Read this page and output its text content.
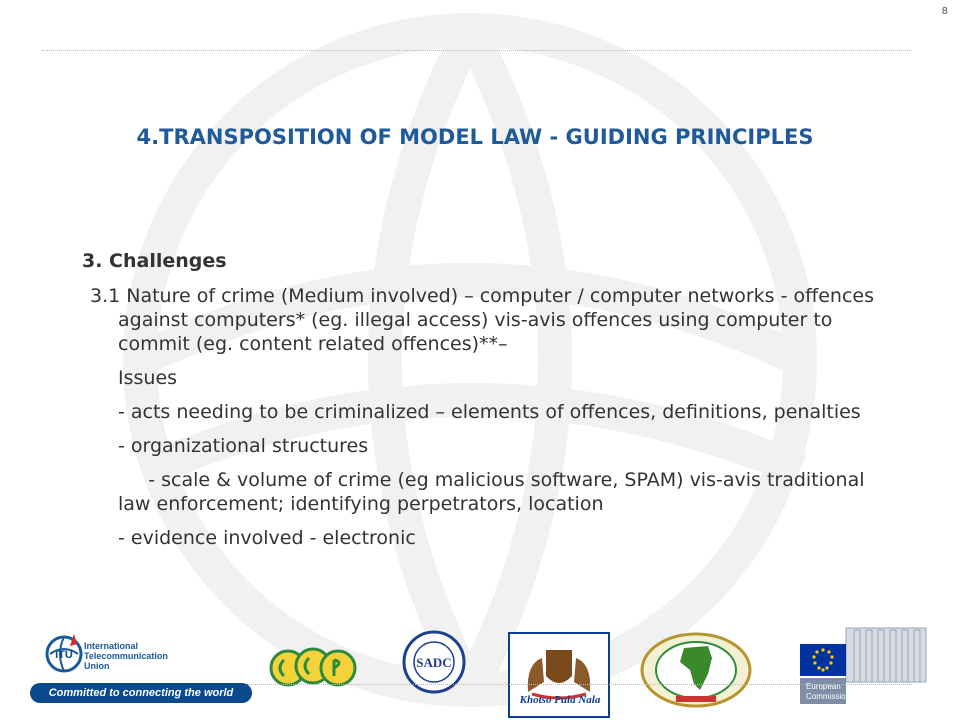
8
4.TRANSPOSITION OF MODEL LAW - GUIDING PRINCIPLES
3. Challenges

3.1 Nature of crime (Medium involved) – computer / computer networks - offences against computers* (eg. illegal access) vis-avis offences using computer to commit (eg. content related offences)**–

Issues

- acts needing to be criminalized – elements of offences, definitions, penalties

- organizational structures

- scale & volume of crime (eg malicious software, SPAM) vis-avis traditional law enforcement; identifying perpetrators, location

- evidence involved - electronic

ITU
International
Telecommunication
Union	SADC
Khotso Pula Nala
European
Commission
Committed to connecting the world
